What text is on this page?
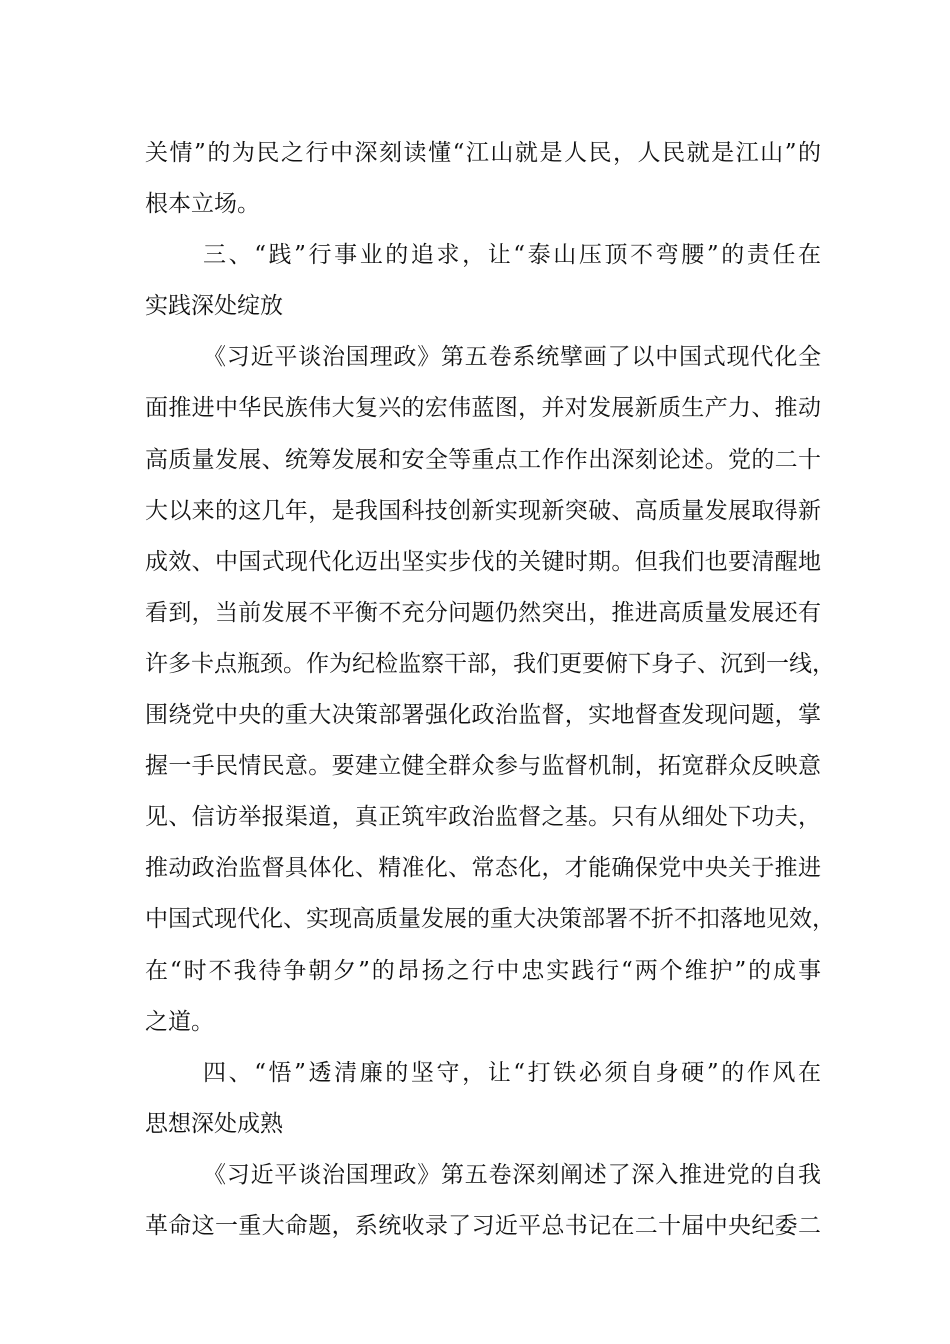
关情”的为民之行中深刻读懂“江山就是人民，人民就是江山”的
根本立场。
三、“践”行事业的追求，让“泰山压顶不弯腰”的责任在
实践深处绽放
《习近平谈治国理政》第五卷系统擘画了以中国式现代化全
面推进中华民族伟大复兴的宏伟蓝图，并对发展新质生产力、推动
高质量发展、统筹发展和安全等重点工作作出深刻论述。党的二十
大以来的这几年，是我国科技创新实现新突破、高质量发展取得新
成效、中国式现代化迈出坚实步伐的关键时期。但我们也要清醒地
看到，当前发展不平衡不充分问题仍然突出，推进高质量发展还有
许多卡点瓶颈。作为纪检监察干部，我们更要俯下身子、沉到一线，
围绕党中央的重大决策部署强化政治监督，实地督查发现问题，掌
握一手民情民意。要建立健全群众参与监督机制，拓宽群众反映意
见、信访举报渠道，真正筑牢政治监督之基。只有从细处下功夫，
推动政治监督具体化、精准化、常态化，才能确保党中央关于推进
中国式现代化、实现高质量发展的重大决策部署不折不扣落地见效，
在“时不我待争朝夕”的昂扬之行中忠实践行“两个维护”的成事
之道。
四、“悟”透清廉的坚守，让“打铁必须自身硬”的作风在
思想深处成熟
《习近平谈治国理政》第五卷深刻阐述了深入推进党的自我
革命这一重大命题，系统收录了习近平总书记在二十届中央纪委二
